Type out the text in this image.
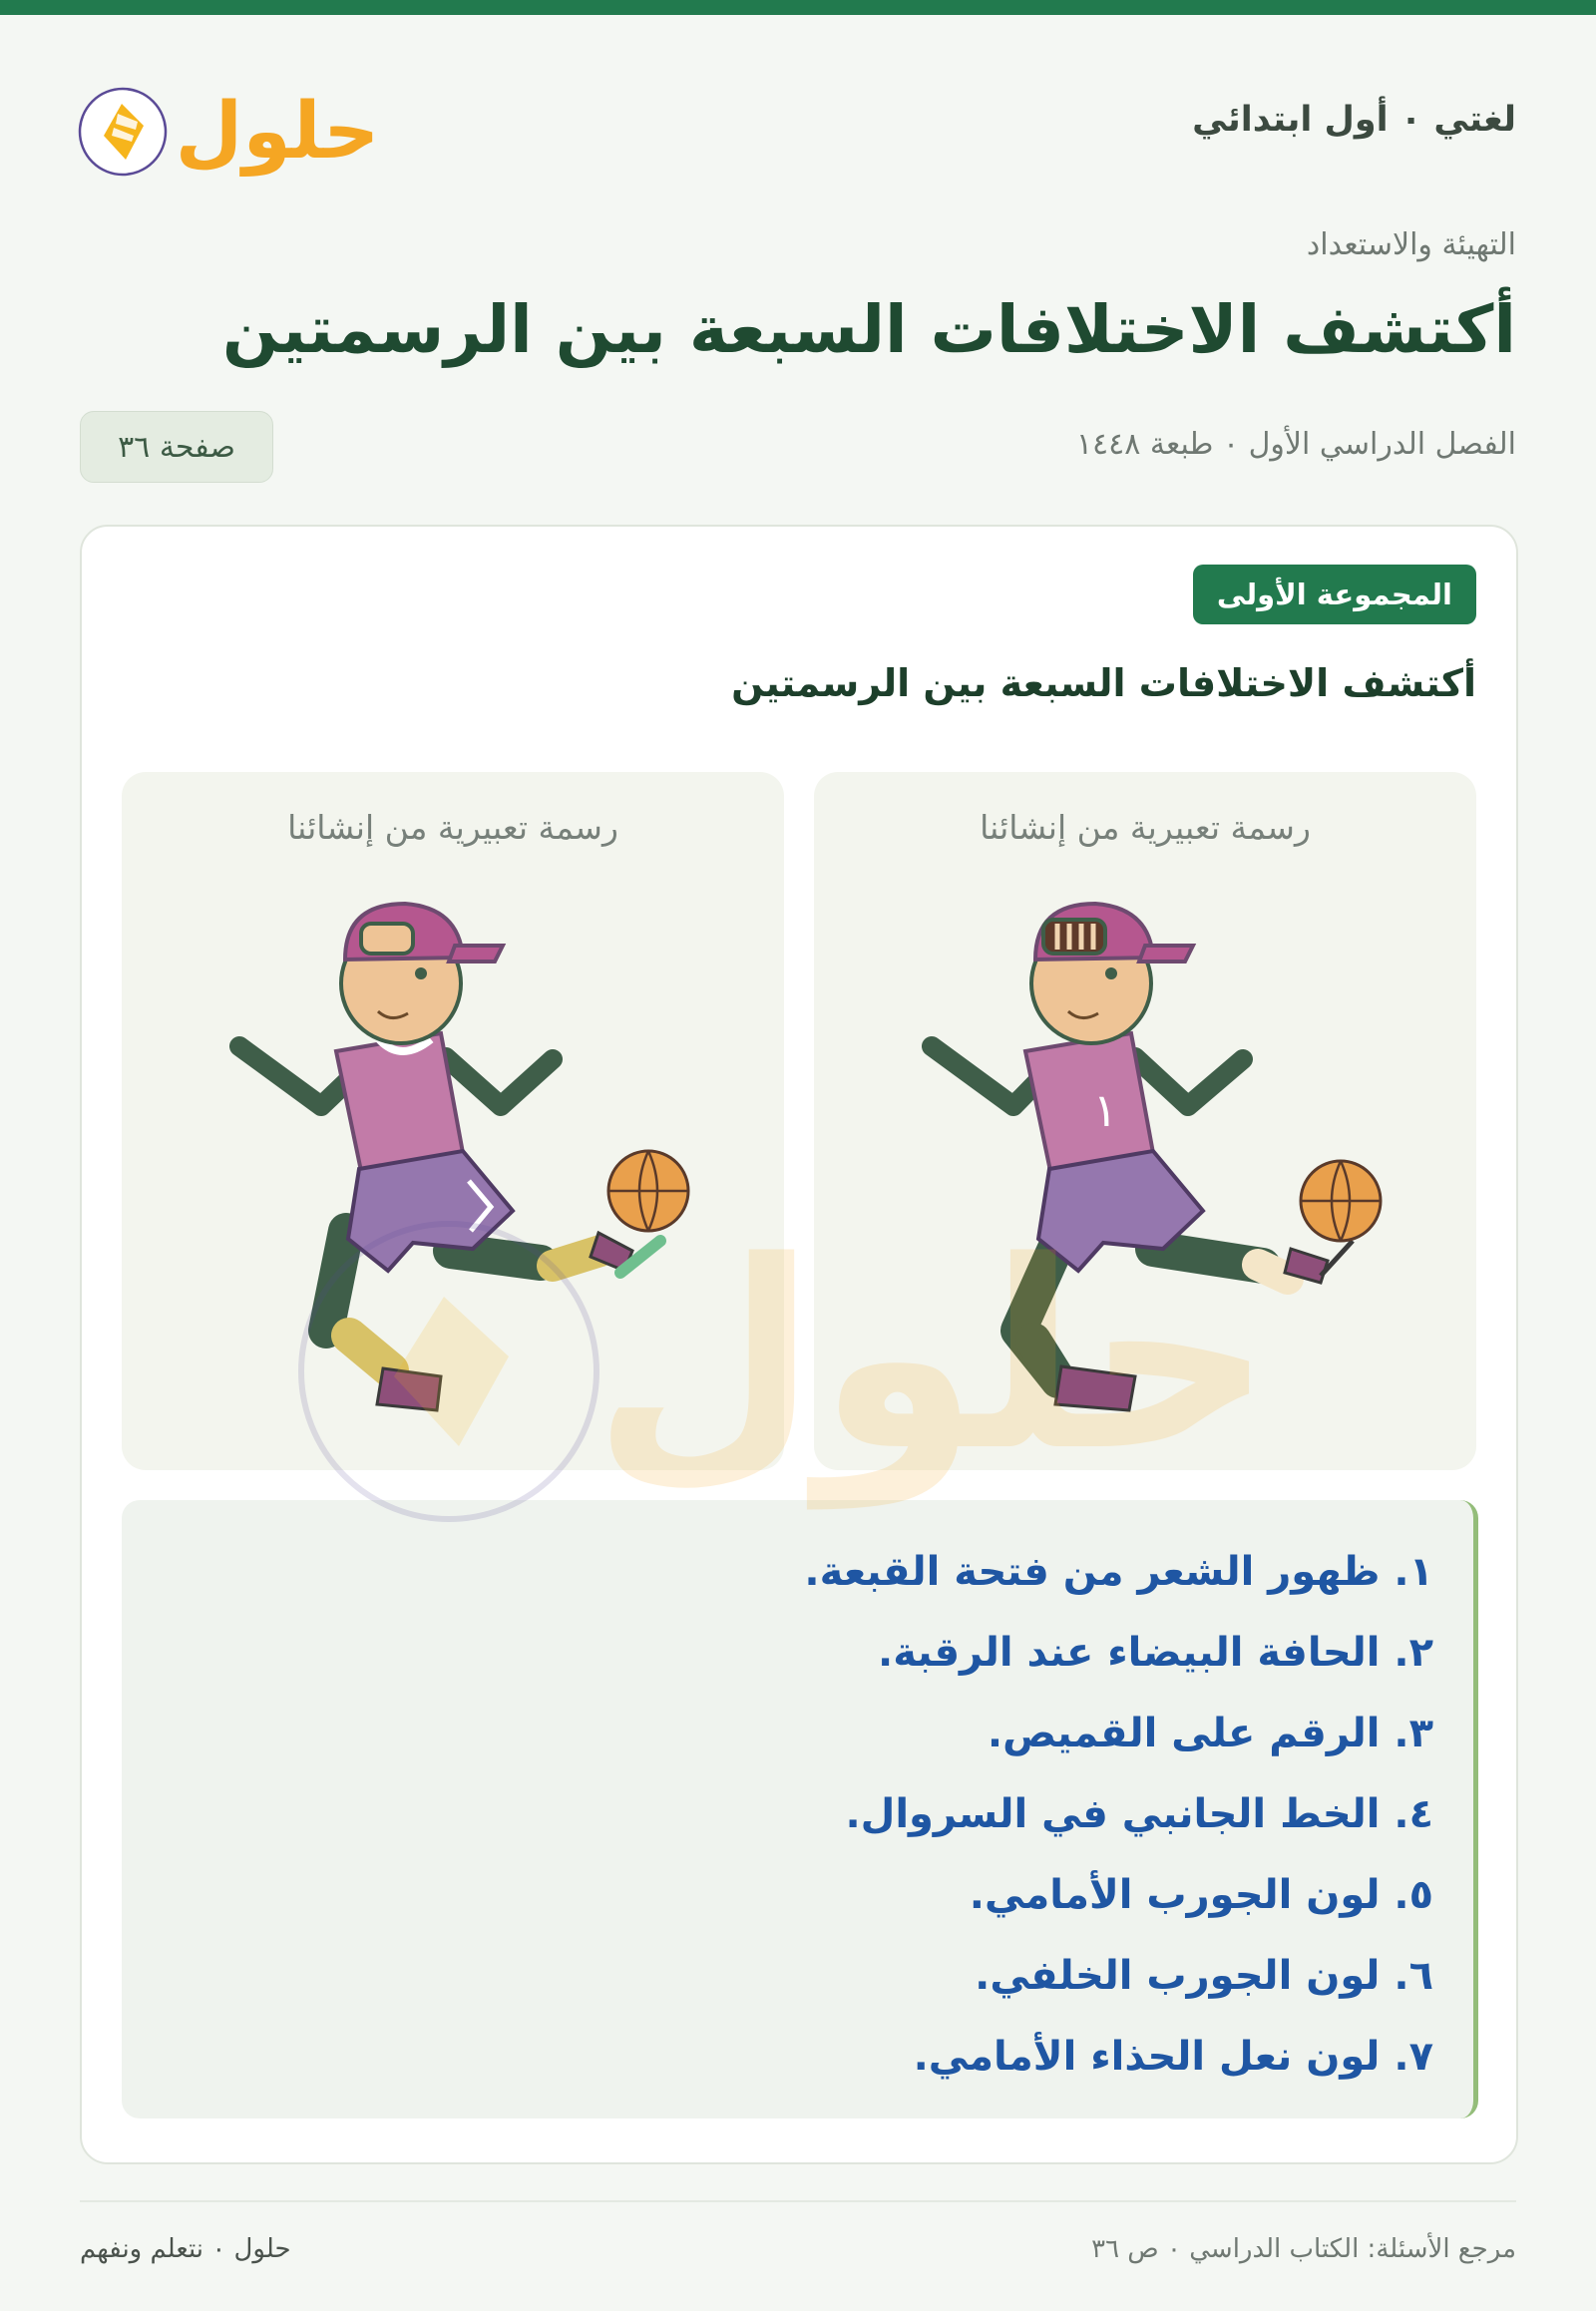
لغتي ٠ أول ابتدائي
حلول
التهيئة والاستعداد
أكتشف الاختلافات السبعة بين الرسمتين
الفصل الدراسي الأول ٠ طبعة ١٤٤٨
صفحة ٣٦
المجموعة الأولى
أكتشف الاختلافات السبعة بين الرسمتين
١
رسمة تعبيرية من إنشائنا
رسمة تعبيرية من إنشائنا
١. ظهور الشعر من فتحة القبعة.
٢. الحافة البيضاء عند الرقبة.
٣. الرقم على القميص.
٤. الخط الجانبي في السروال.
٥. لون الجورب الأمامي.
٦. لون الجورب الخلفي.
٧. لون نعل الحذاء الأمامي.
مرجع الأسئلة: الكتاب الدراسي ٠ ص ٣٦
حلول ٠ نتعلم ونفهم
